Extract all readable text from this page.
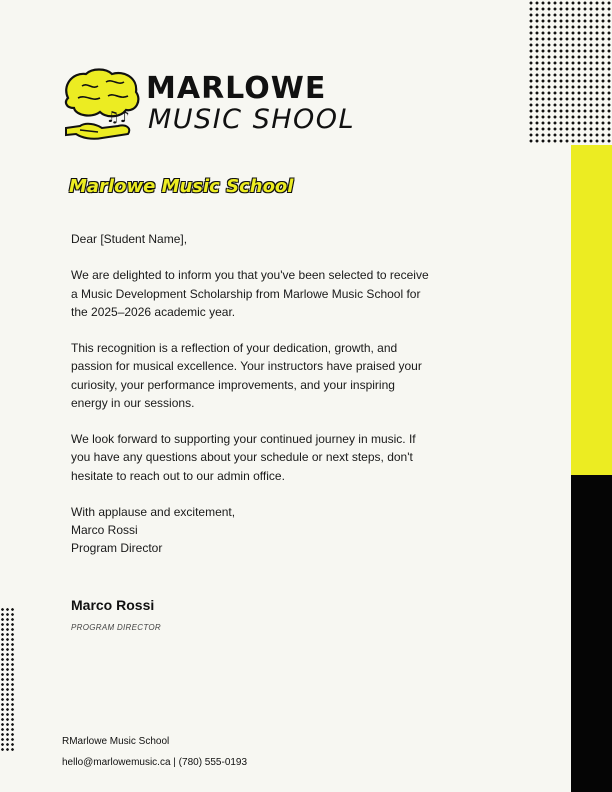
♫ ♪
MARLOWE
MUSIC SHOOL
Marlowe Music School

Dear [Student Name],

We are delighted to inform you that you've been selected to receive a Music Development Scholarship from Marlowe Music School for the 2025–2026 academic year.

This recognition is a reflection of your dedication, growth, and passion for musical excellence. Your instructors have praised your curiosity, your performance improvements, and your inspiring energy in our sessions.

We look forward to supporting your continued journey in music. If you have any questions about your schedule or next steps, don't hesitate to reach out to our admin office.

With applause and excitement,
Marco Rossi
Program Director
Marco Rossi
PROGRAM DIRECTOR
RMarlowe Music School
hello@marlowemusic.ca | (780) 555-0193
